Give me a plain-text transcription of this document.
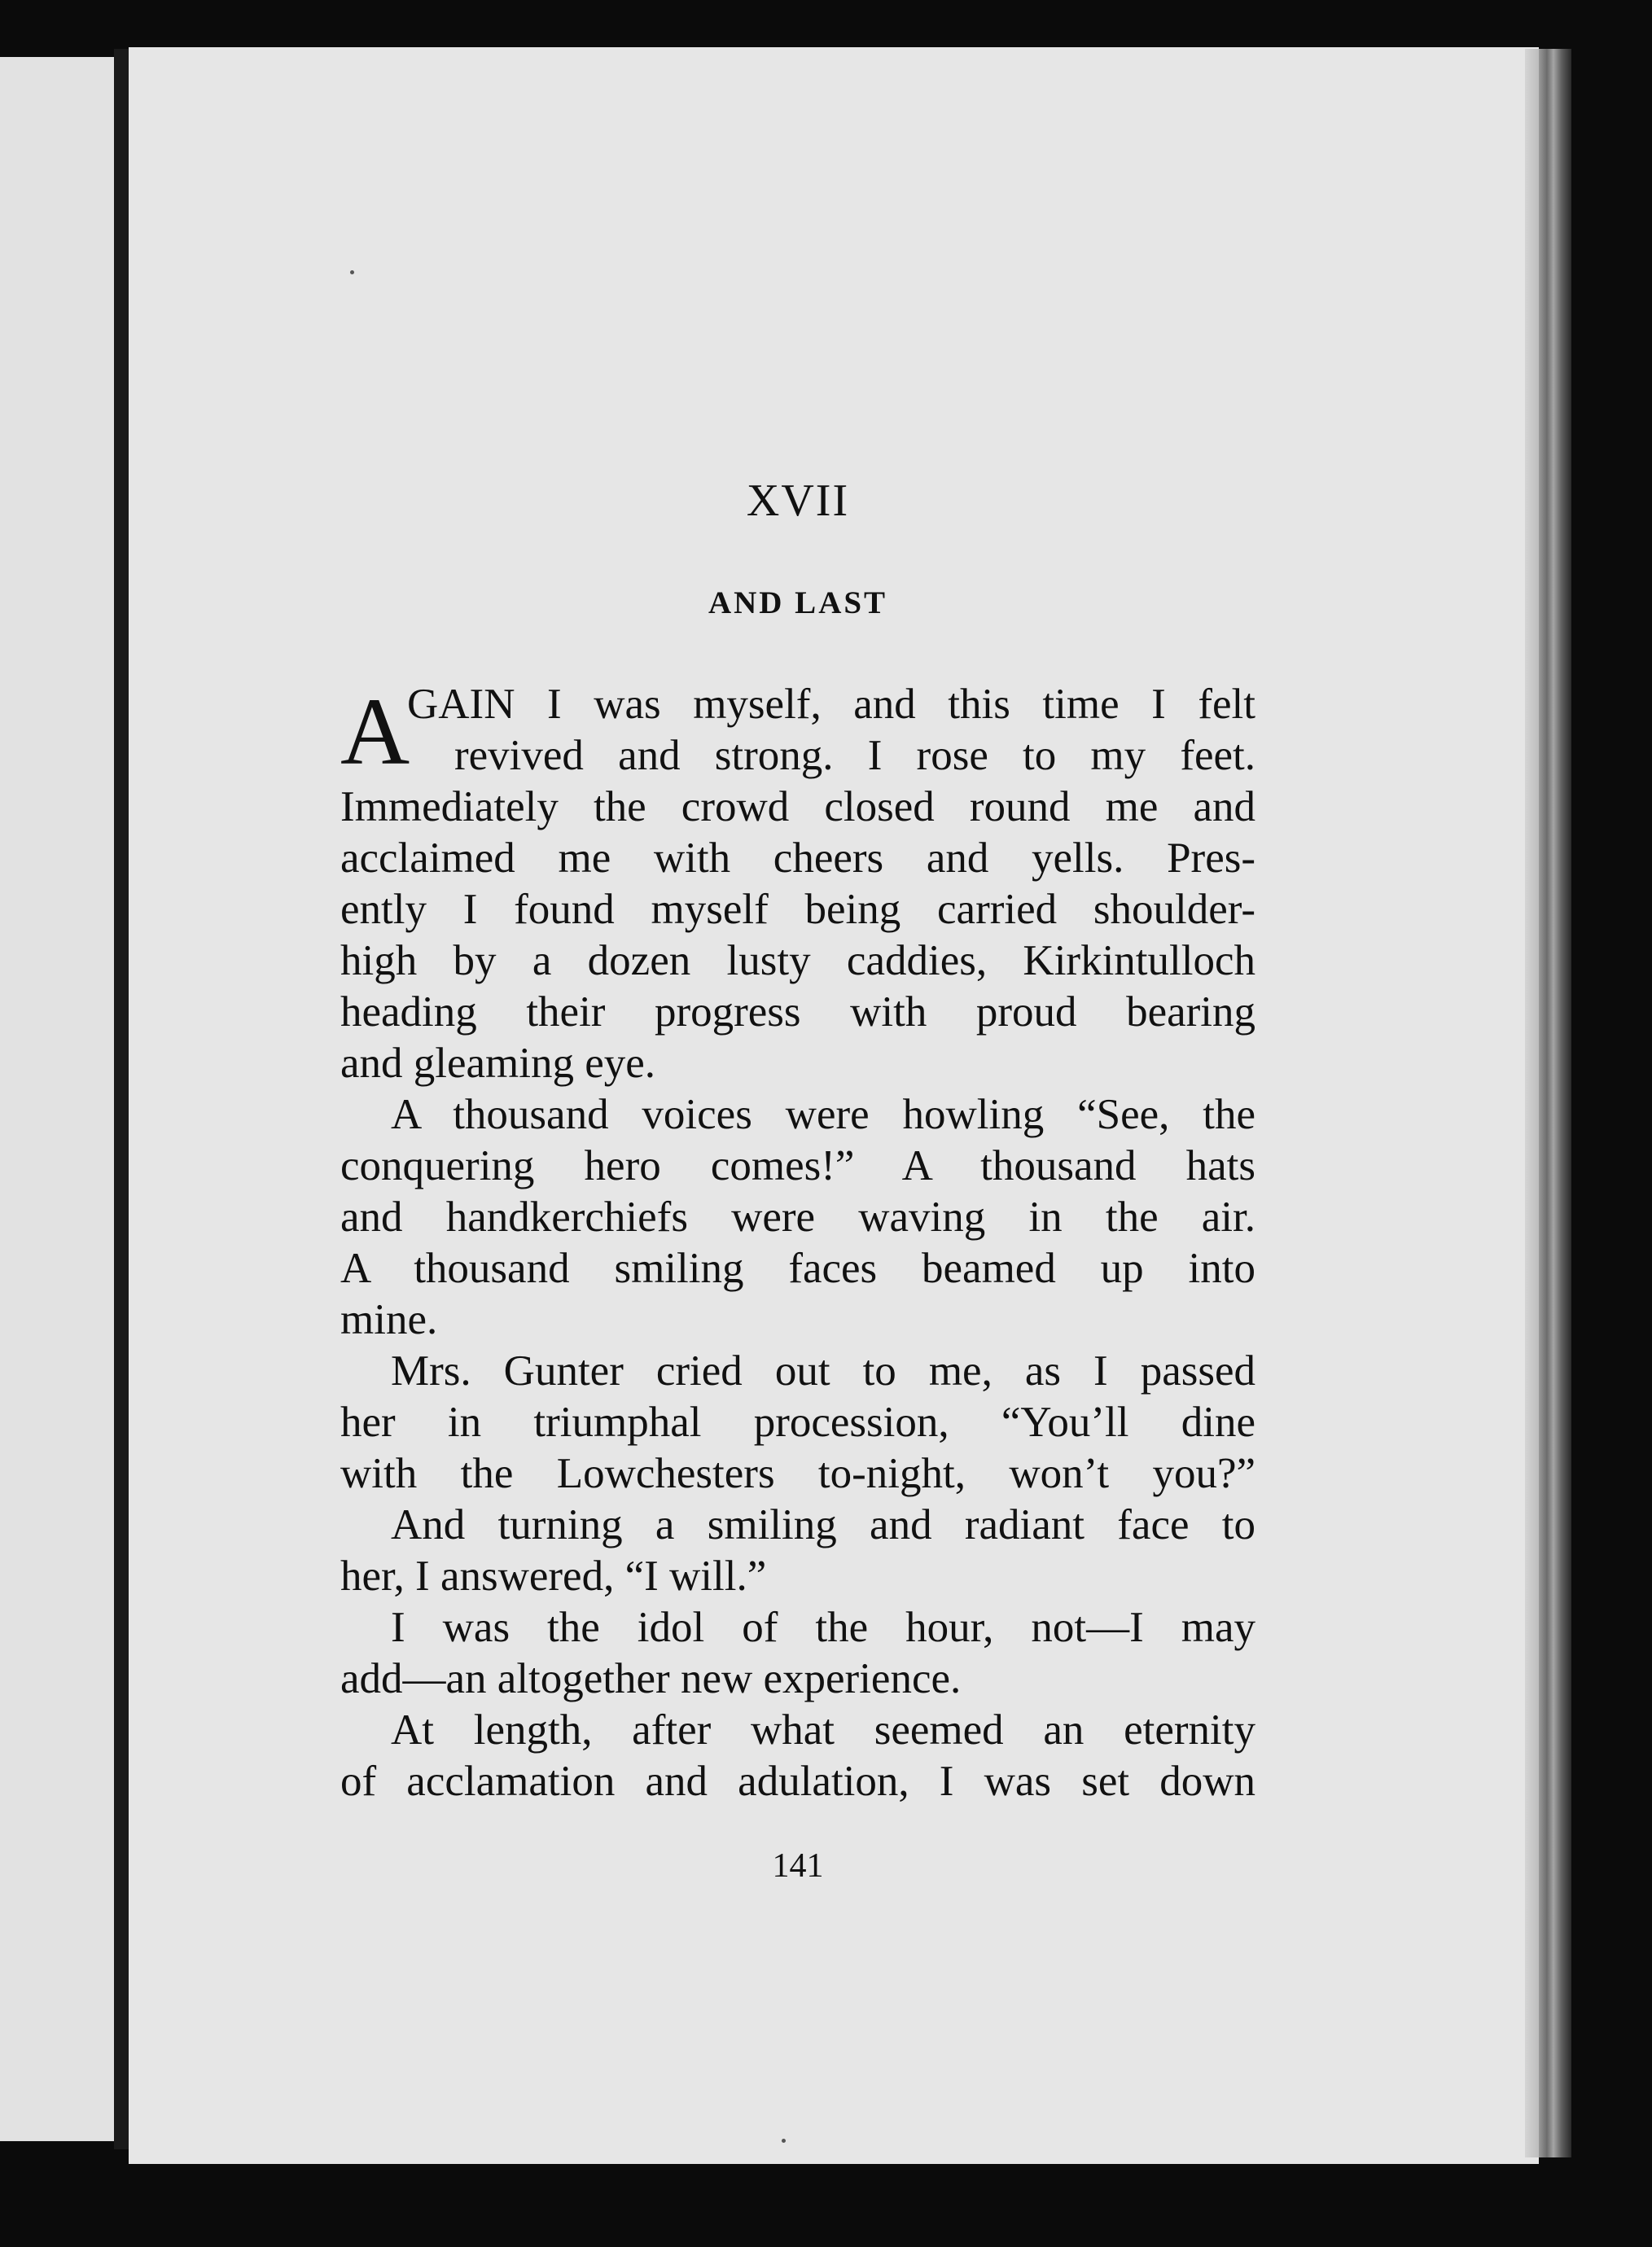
XVII
AND LAST
A
GAIN I was myself, and this time I felt
revived and strong. I rose to my feet.
Immediately the crowd closed round me and
acclaimed me with cheers and yells. Pres-
ently I found myself being carried shoulder-
high by a dozen lusty caddies, Kirkintulloch
heading their progress with proud bearing
and gleaming eye.
A thousand voices were howling “See, the
conquering hero comes!” A thousand hats
and handkerchiefs were waving in the air.
A thousand smiling faces beamed up into
mine.
Mrs. Gunter cried out to me, as I passed
her in triumphal procession, “You’ll dine
with the Lowchesters to-night, won’t you?”
And turning a smiling and radiant face to
her, I answered, “I will.”
I was the idol of the hour, not—I may
add—an altogether new experience.
At length, after what seemed an eternity
of acclamation and adulation, I was set down
141
